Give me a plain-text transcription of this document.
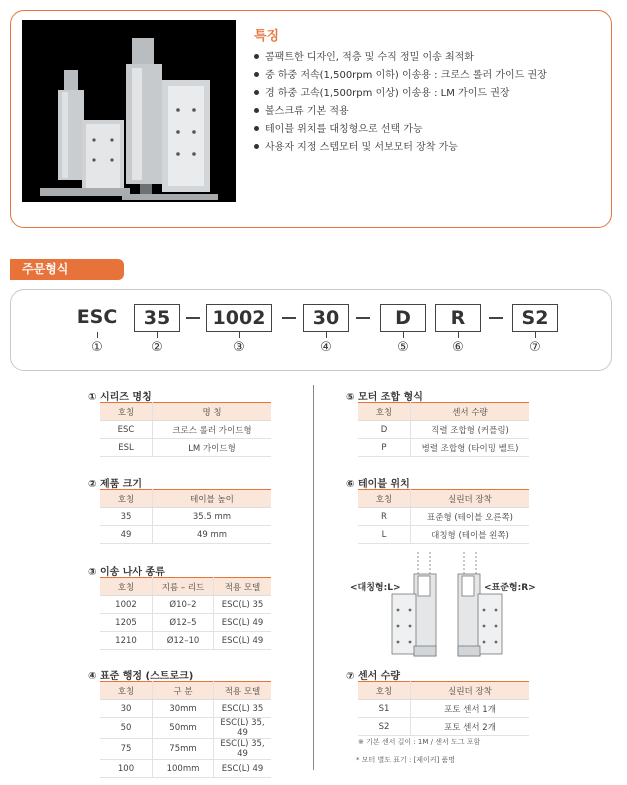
특징
콤팩트한 디자인, 적층 및 수직 정밀 이송 최적화
중 하중 저속(1,500rpm 이하) 이송용 : 크로스 롤러 가이드 권장
경 하중 고속(1,500rpm 이상) 이송용 : LM 가이드 권장
볼스크류 기본 적용
테이블 위치를 대칭형으로 선택 가능
사용자 지정 스텝모터 및 서보모터 장착 가능
주문형식
ESC	35	1002	30	D	R	S2
①	②	③	④	⑤	⑥	⑦
① 시리즈 명칭
호칭	명 칭
ESC	크로스 롤러 가이드형
ESL	LM 가이드형
② 제품 크기
호칭	테이블 높이
35	35.5 mm
49	49 mm
③ 이송 나사 종류
호칭	지름 – 리드	적용 모델
1002	Ø10–2	ESC(L) 35
1205	Ø12–5	ESC(L) 49
1210	Ø12–10	ESC(L) 49
④ 표준 행정 (스트로크)
호칭	구 분	적용 모델
30	30mm	ESC(L) 35
50	50mm	ESC(L) 35, 49
75	75mm	ESC(L) 35, 49
100	100mm	ESC(L) 49
⑤ 모터 조합 형식
호칭	센서 수량
D	직렬 조합형 (커플링)
P	병렬 조합형 (타이밍 벨트)
⑥ 테이블 위치
호칭	실린더 장착
R	표준형 (테이블 오른쪽)
L	대칭형 (테이블 왼쪽)
<대칭형:L>	<표준형:R>
⑦ 센서 수량
호칭	실린더 장착
S1	포토 센서 1개
S2	포토 센서 2개
※ 기본 센서 길이 : 1M / 센서 도그 포함
* 모터 별도 표기 : [제이커] 품명
